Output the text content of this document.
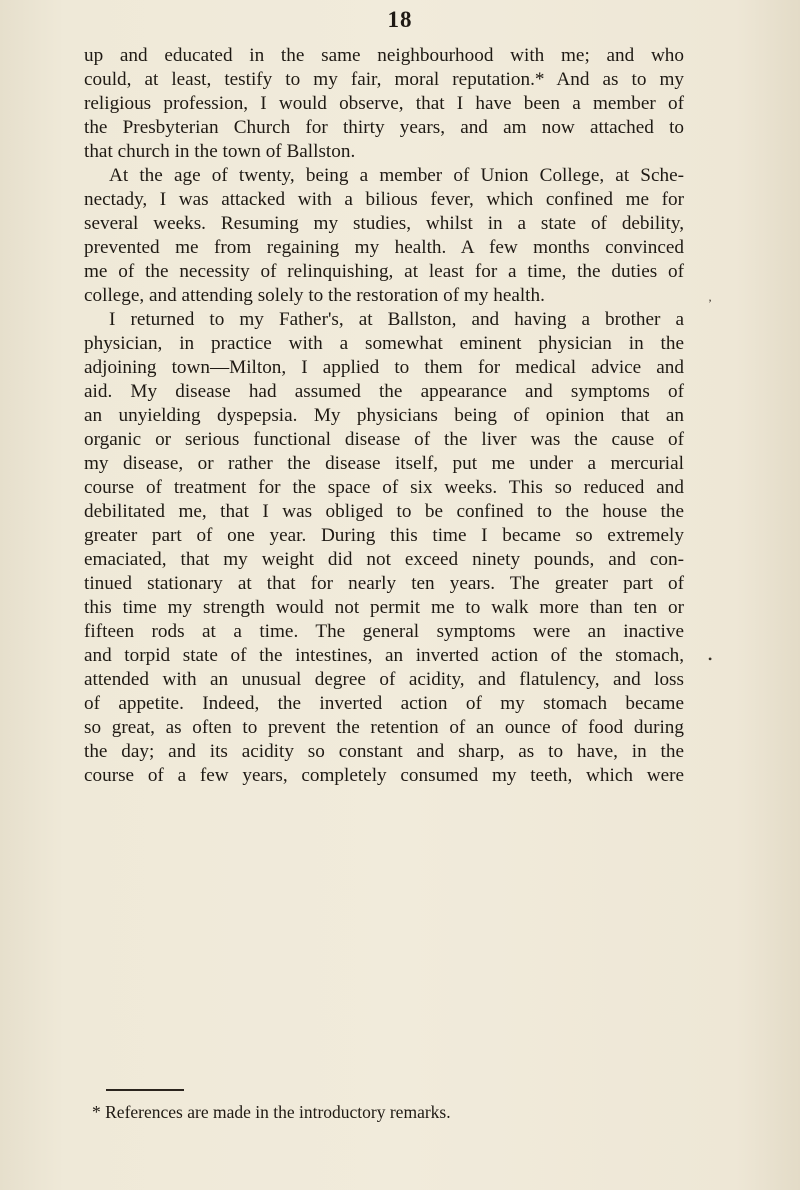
18
up and educated in the same neighbourhood with me; and who
could, at least, testify to my fair, moral reputation.* And as to my
religious profession, I would observe, that I have been a member of
the Presbyterian Church for thirty years, and am now attached to
that church in the town of Ballston.
At the age of twenty, being a member of Union College, at Sche-
nectady, I was attacked with a bilious fever, which confined me for
several weeks. Resuming my studies, whilst in a state of debility,
prevented me from regaining my health. A few months convinced
me of the necessity of relinquishing, at least for a time, the duties of
college, and attending solely to the restoration of my health.
I returned to my Father's, at Ballston, and having a brother a
physician, in practice with a somewhat eminent physician in the
adjoining town—Milton, I applied to them for medical advice and
aid. My disease had assumed the appearance and symptoms of
an unyielding dyspepsia. My physicians being of opinion that an
organic or serious functional disease of the liver was the cause of
my disease, or rather the disease itself, put me under a mercurial
course of treatment for the space of six weeks. This so reduced and
debilitated me, that I was obliged to be confined to the house the
greater part of one year. During this time I became so extremely
emaciated, that my weight did not exceed ninety pounds, and con-
tinued stationary at that for nearly ten years. The greater part of
this time my strength would not permit me to walk more than ten or
fifteen rods at a time. The general symptoms were an inactive
and torpid state of the intestines, an inverted action of the stomach,
attended with an unusual degree of acidity, and flatulency, and loss
of appetite. Indeed, the inverted action of my stomach became
so great, as often to prevent the retention of an ounce of food during
the day; and its acidity so constant and sharp, as to have, in the
course of a few years, completely consumed my teeth, which were
’
•
* References are made in the introductory remarks.
